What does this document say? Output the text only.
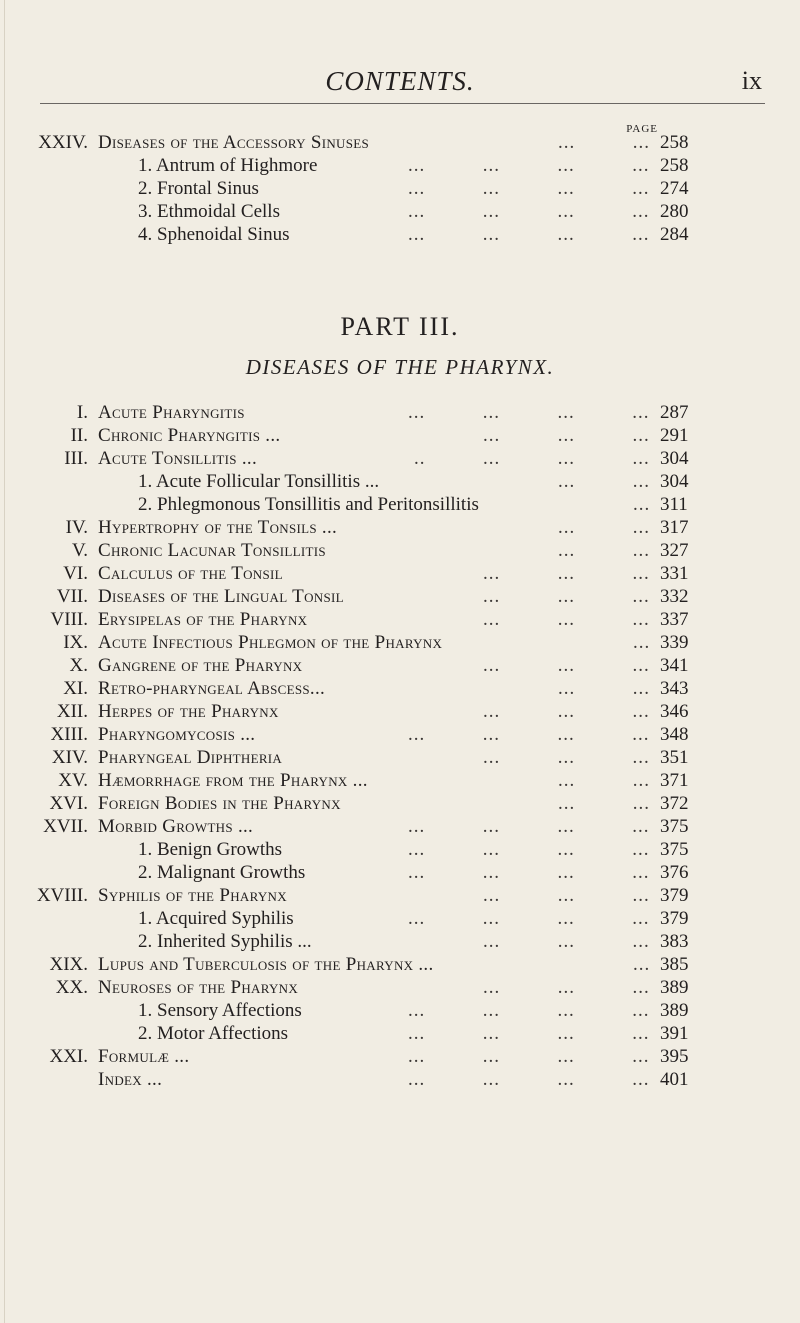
CONTENTS.	ix
PAGE
PART III.
DISEASES OF THE PHARYNX.
XXIV. Diseases of the Accessory Sinuses	...          ... 258
1. Antrum of Highmore	...          ...          ...          ... 258
2. Frontal Sinus	...          ...          ...          ... 274
3. Ethmoidal Cells	...          ...          ...          ... 280
4. Sphenoidal Sinus	...          ...          ...          ... 284
I. Acute Pharyngitis	...          ...          ...          ... 287
II. Chronic Pharyngitis ...	...          ...          ... 291
III. Acute Tonsillitis ...	..          ...          ...          ... 304
1. Acute Follicular Tonsillitis ...	...          ... 304
2. Phlegmonous Tonsillitis and Peritonsillitis	... 311
IV. Hypertrophy of the Tonsils ...	...          ... 317
V. Chronic Lacunar Tonsillitis	...          ... 327
VI. Calculus of the Tonsil	...          ...          ... 331
VII. Diseases of the Lingual Tonsil	...          ...          ... 332
VIII. Erysipelas of the Pharynx	...          ...          ... 337
IX. Acute Infectious Phlegmon of the Pharynx	... 339
X. Gangrene of the Pharynx	...          ...          ... 341
XI. Retro-pharyngeal Abscess...	...          ... 343
XII. Herpes of the Pharynx	...          ...          ... 346
XIII. Pharyngomycosis ...	...          ...          ...          ... 348
XIV. Pharyngeal Diphtheria	...          ...          ... 351
XV. Hæmorrhage from the Pharynx ...	...          ... 371
XVI. Foreign Bodies in the Pharynx	...          ... 372
XVII. Morbid Growths ...	...          ...          ...          ... 375
1. Benign Growths	...          ...          ...          ... 375
2. Malignant Growths	...          ...          ...          ... 376
XVIII. Syphilis of the Pharynx	...          ...          ... 379
1. Acquired Syphilis	...          ...          ...          ... 379
2. Inherited Syphilis ...	...          ...          ... 383
XIX. Lupus and Tuberculosis of the Pharynx ...	... 385
XX. Neuroses of the Pharynx	...          ...          ... 389
1. Sensory Affections	...          ...          ...          ... 389
2. Motor Affections	...          ...          ...          ... 391
XXI. Formulæ ...	...          ...          ...          ... 395
Index ...	...          ...          ...          ... 401
